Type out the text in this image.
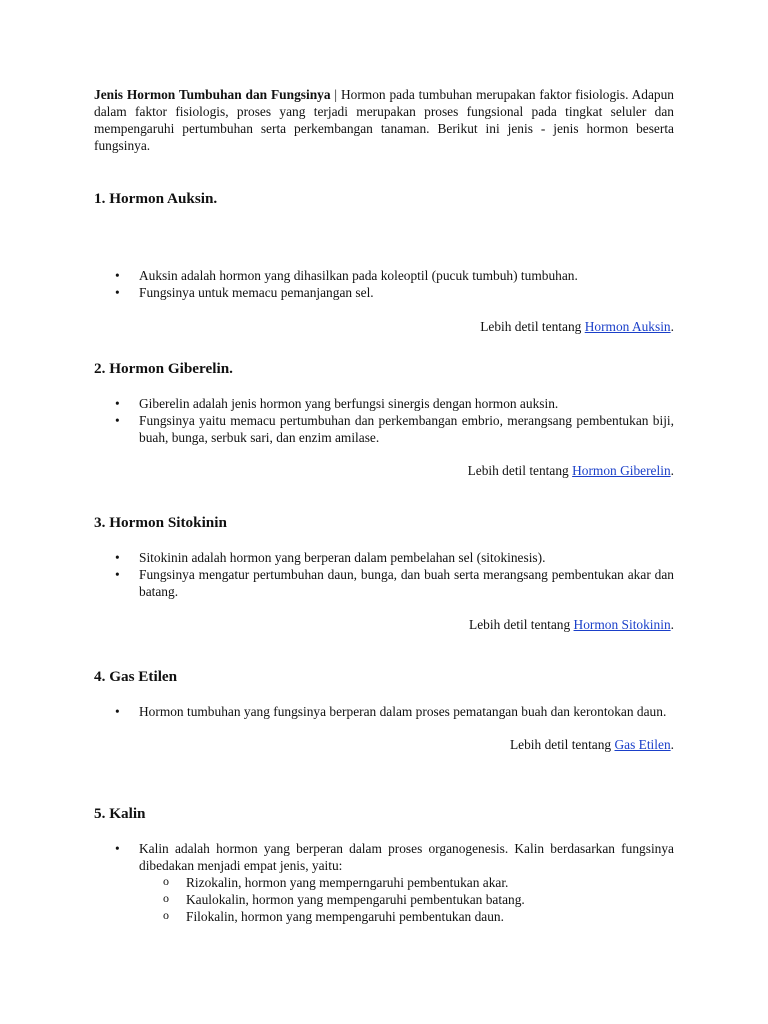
Jenis Hormon Tumbuhan dan Fungsinya | Hormon pada tumbuhan merupakan faktor fisiologis. Adapun dalam faktor fisiologis, proses yang terjadi merupakan proses fungsional pada tingkat seluler dan mempengaruhi pertumbuhan serta perkembangan tanaman. Berikut ini jenis - jenis hormon beserta fungsinya.

1. Hormon Auksin.
• Auksin adalah hormon yang dihasilkan pada koleoptil (pucuk tumbuh) tumbuhan.
• Fungsinya untuk memacu pemanjangan sel.

Lebih detil tentang Hormon Auksin.

2. Hormon Giberelin.
• Giberelin adalah jenis hormon yang berfungsi sinergis dengan hormon auksin.
• Fungsinya yaitu memacu pertumbuhan dan perkembangan embrio, merangsang pembentukan biji, buah, bunga, serbuk sari, dan enzim amilase.

Lebih detil tentang Hormon Giberelin.

3. Hormon Sitokinin
• Sitokinin adalah hormon yang berperan dalam pembelahan sel (sitokinesis).
• Fungsinya mengatur pertumbuhan daun, bunga, dan buah serta merangsang pembentukan akar dan batang.

Lebih detil tentang Hormon Sitokinin.

4. Gas Etilen
• Hormon tumbuhan yang fungsinya berperan dalam proses pematangan buah dan kerontokan daun.

Lebih detil tentang Gas Etilen.

5. Kalin
• Kalin adalah hormon yang berperan dalam proses organogenesis. Kalin berdasarkan fungsinya dibedakan menjadi empat jenis, yaitu:
o Rizokalin, hormon yang memperngaruhi pembentukan akar.
o Kaulokalin, hormon yang mempengaruhi pembentukan batang.
o Filokalin, hormon yang mempengaruhi pembentukan daun.
